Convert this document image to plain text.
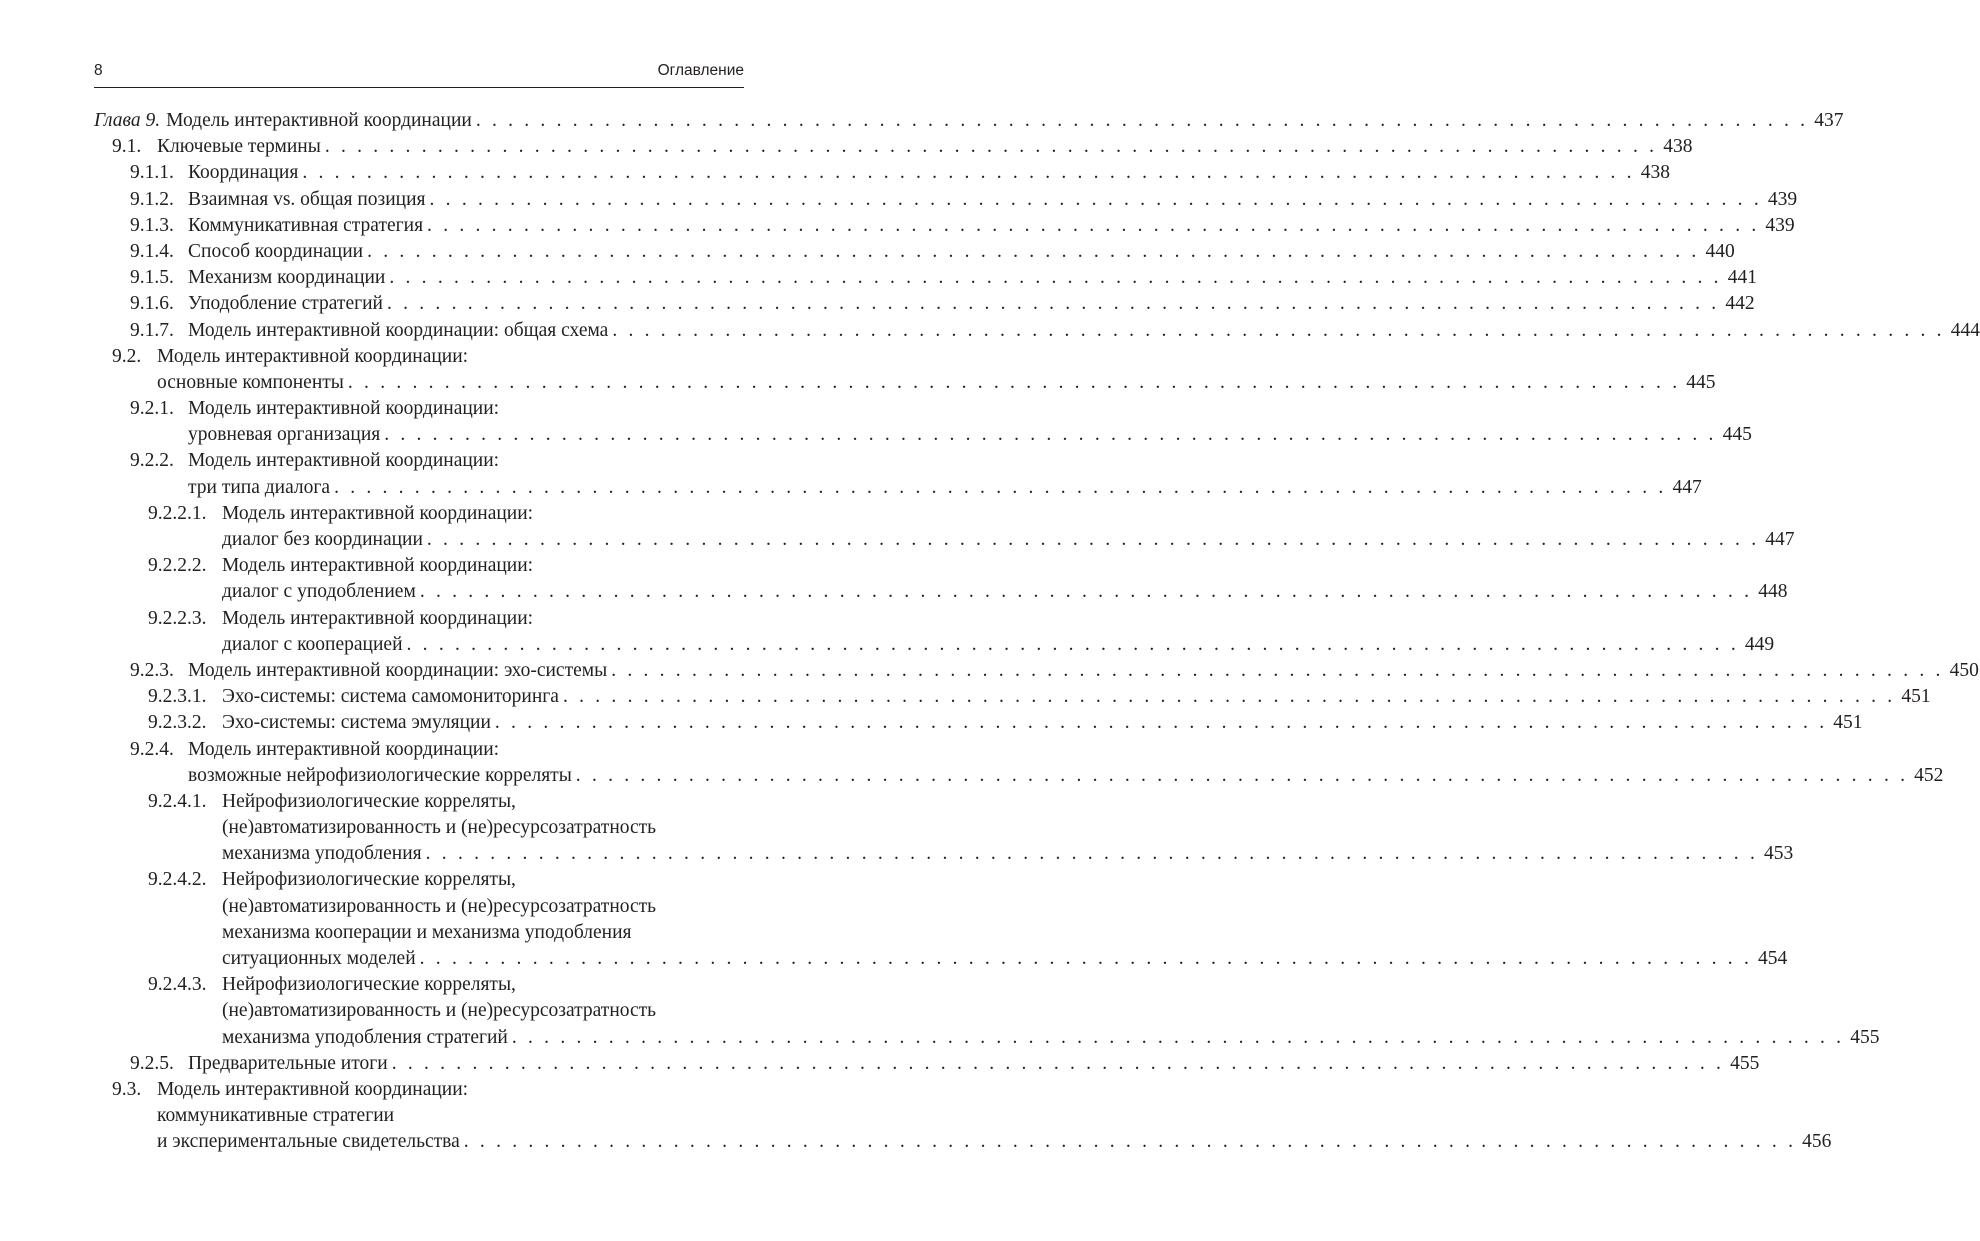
8	Оглавление
Глава 9. Модель интерактивной координации . . .	437
9.1. Ключевые термины . . .	438
9.1.1. Координация . . .	438
9.1.2. Взаимная vs. общая позиция . . .	439
9.1.3. Коммуникативная стратегия . . .	439
9.1.4. Способ координации . . .	440
9.1.5. Механизм координации . . .	441
9.1.6. Уподобление стратегий . . .	442
9.1.7. Модель интерактивной координации: общая схема . . .	444
9.2. Модель интерактивной координации:
основные компоненты . . .	445
9.2.1. Модель интерактивной координации:
уровневая организация . . .	445
9.2.2. Модель интерактивной координации:
три типа диалога . . .	447
9.2.2.1. Модель интерактивной координации:
диалог без координации . . .	447
9.2.2.2. Модель интерактивной координации:
диалог с уподоблением . . .	448
9.2.2.3. Модель интерактивной координации:
диалог с кооперацией . . .	449
9.2.3. Модель интерактивной координации: эхо-системы . . .	450
9.2.3.1. Эхо-системы: система самомониторинга . . .	451
9.2.3.2. Эхо-системы: система эмуляции . . .	451
9.2.4. Модель интерактивной координации:
возможные нейрофизиологические корреляты . . .	452
9.2.4.1. Нейрофизиологические корреляты,
(не)автоматизированность и (не)ресурсозатратность
механизма уподобления . . .	453
9.2.4.2. Нейрофизиологические корреляты,
(не)автоматизированность и (не)ресурсозатратность
механизма кооперации и механизма уподобления
ситуационных моделей . . .	454
9.2.4.3. Нейрофизиологические корреляты,
(не)автоматизированность и (не)ресурсозатратность
механизма уподобления стратегий . . .	455
9.2.5. Предварительные итоги . . .	455
9.3. Модель интерактивной координации:
коммуникативные стратегии
и экспериментальные свидетельства . . .	456
